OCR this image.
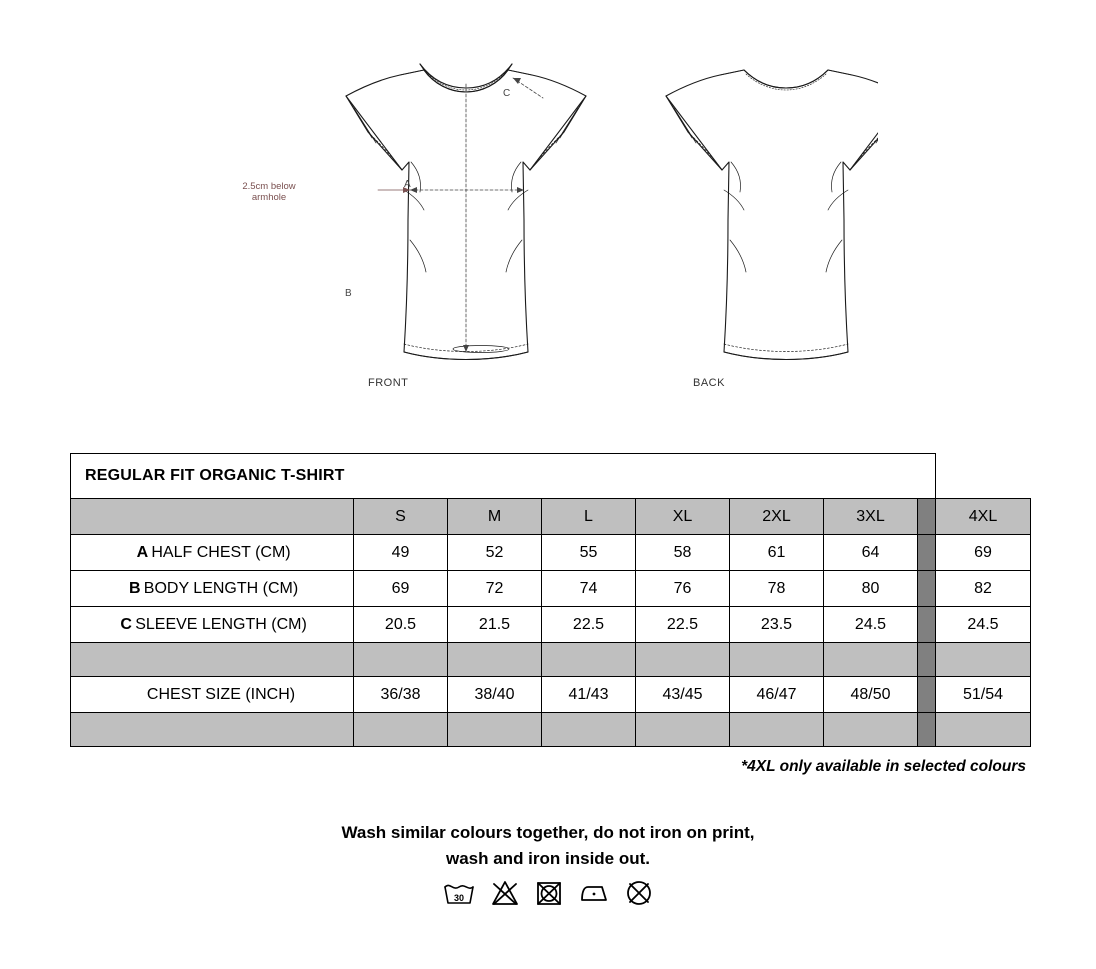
2.5cm below armhole
A
B
C
FRONT	BACK
REGULAR FIT ORGANIC T-SHIRT								
	S	M	L	XL	2XL	3XL		4XL
A HALF CHEST (CM)	49	52	55	58	61	64		69
B BODY LENGTH (CM)	69	72	74	76	78	80		82
C SLEEVE LENGTH (CM)	20.5	21.5	22.5	22.5	23.5	24.5		24.5

CHEST SIZE (INCH)	36/38	38/40	41/43	43/45	46/47	48/50		51/54

*4XL only available in selected colours
Wash similar colours together, do not iron on print,
wash and iron inside out.
30
